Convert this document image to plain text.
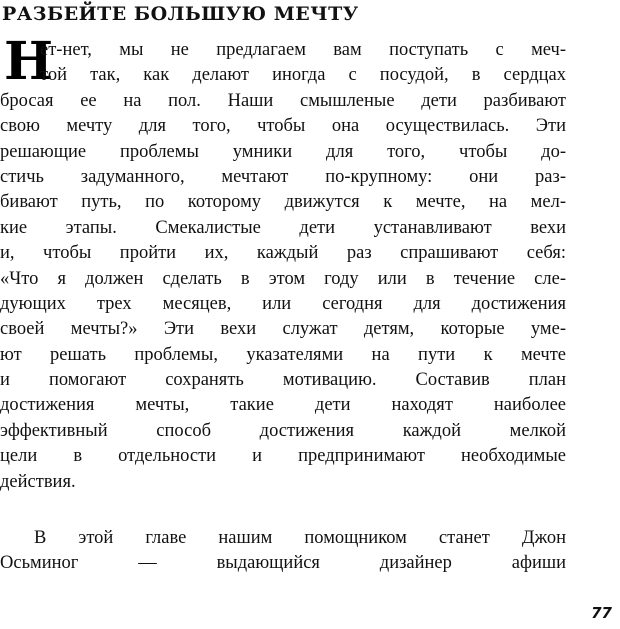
РАЗБЕЙТЕ БОЛЬШУЮ МЕЧТУ
Н
ет-нет, мы не предлагаем вам поступать с меч-
той так, как делают иногда с посудой, в сердцах
бросая ее на пол. Наши смышленые дети разбивают
свою мечту для того, чтобы она осуществилась. Эти
решающие проблемы умники для того, чтобы до-
стичь задуманного, мечтают по-крупному: они раз-
бивают путь, по которому движутся к мечте, на мел-
кие этапы. Смекалистые дети устанавливают вехи
и, чтобы пройти их, каждый раз спрашивают себя:
«Что я должен сделать в этом году или в течение сле-
дующих трех месяцев, или сегодня для достижения
своей мечты?» Эти вехи служат детям, которые уме-
ют решать проблемы, указателями на пути к мечте
и помогают сохранять мотивацию. Составив план
достижения мечты, такие дети находят наиболее
эффективный способ достижения каждой мелкой
цели в отдельности и предпринимают необходимые
действия.
В этой главе нашим помощником станет Джон
Осьминог — выдающийся дизайнер афиши
77
